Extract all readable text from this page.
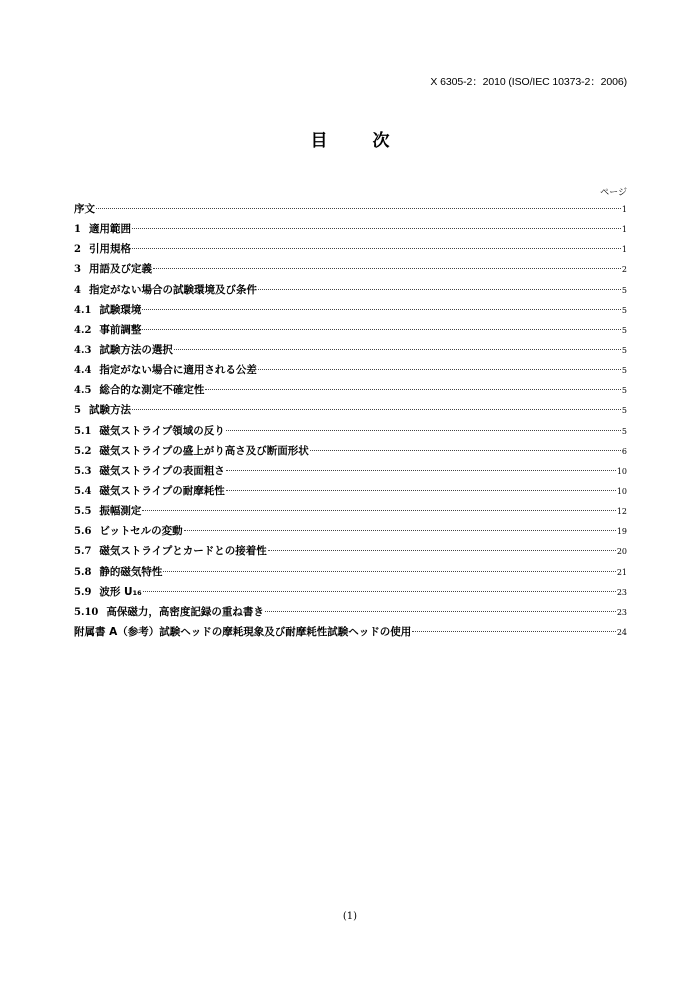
X 6305-2：2010 (ISO/IEC 10373-2：2006)
目　次
ページ
序文	1
1 適用範囲	1
2 引用規格	1
3 用語及び定義	2
4 指定がない場合の試験環境及び条件	5
4.1 試験環境	5
4.2 事前調整	5
4.3 試験方法の選択	5
4.4 指定がない場合に適用される公差	5
4.5 総合的な測定不確定性	5
5 試験方法	5
5.1 磁気ストライプ領域の反り	5
5.2 磁気ストライプの盛上がり高さ及び断面形状	6
5.3 磁気ストライプの表面粗さ	10
5.4 磁気ストライプの耐摩耗性	10
5.5 振幅測定	12
5.6 ビットセルの変動	19
5.7 磁気ストライプとカードとの接着性	20
5.8 静的磁気特性	21
5.9 波形 U₁₆	23
5.10 高保磁力，高密度記録の重ね書き	23
附属書 A（参考）試験ヘッドの摩耗現象及び耐摩耗性試験ヘッドの使用	24
(1)
